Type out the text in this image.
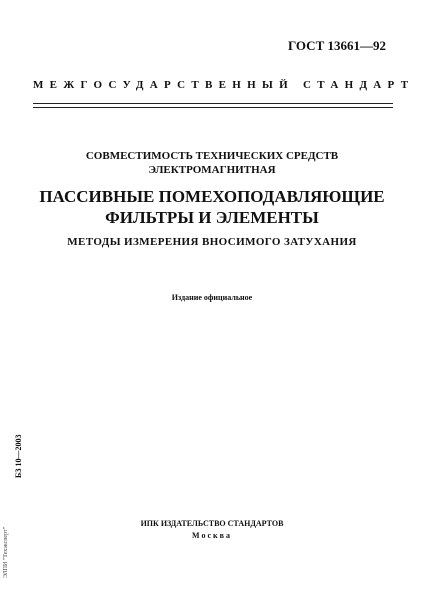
ГОСТ 13661—92
МЕЖГОСУДАРСТВЕННЫЙ СТАНДАРТ
СОВМЕСТИМОСТЬ ТЕХНИЧЕСКИХ СРЕДСТВ
ЭЛЕКТРОМАГНИТНАЯ
ПАССИВНЫЕ ПОМЕХОПОДАВЛЯЮЩИЕ
ФИЛЬТРЫ И ЭЛЕМЕНТЫ
МЕТОДЫ ИЗМЕРЕНИЯ ВНОСИМОГО ЗАТУХАНИЯ
Издание официальное
БЗ 10—2003
ЭЛПИ "Техэксперт"
ИПК ИЗДАТЕЛЬСТВО СТАНДАРТОВ
Москва
